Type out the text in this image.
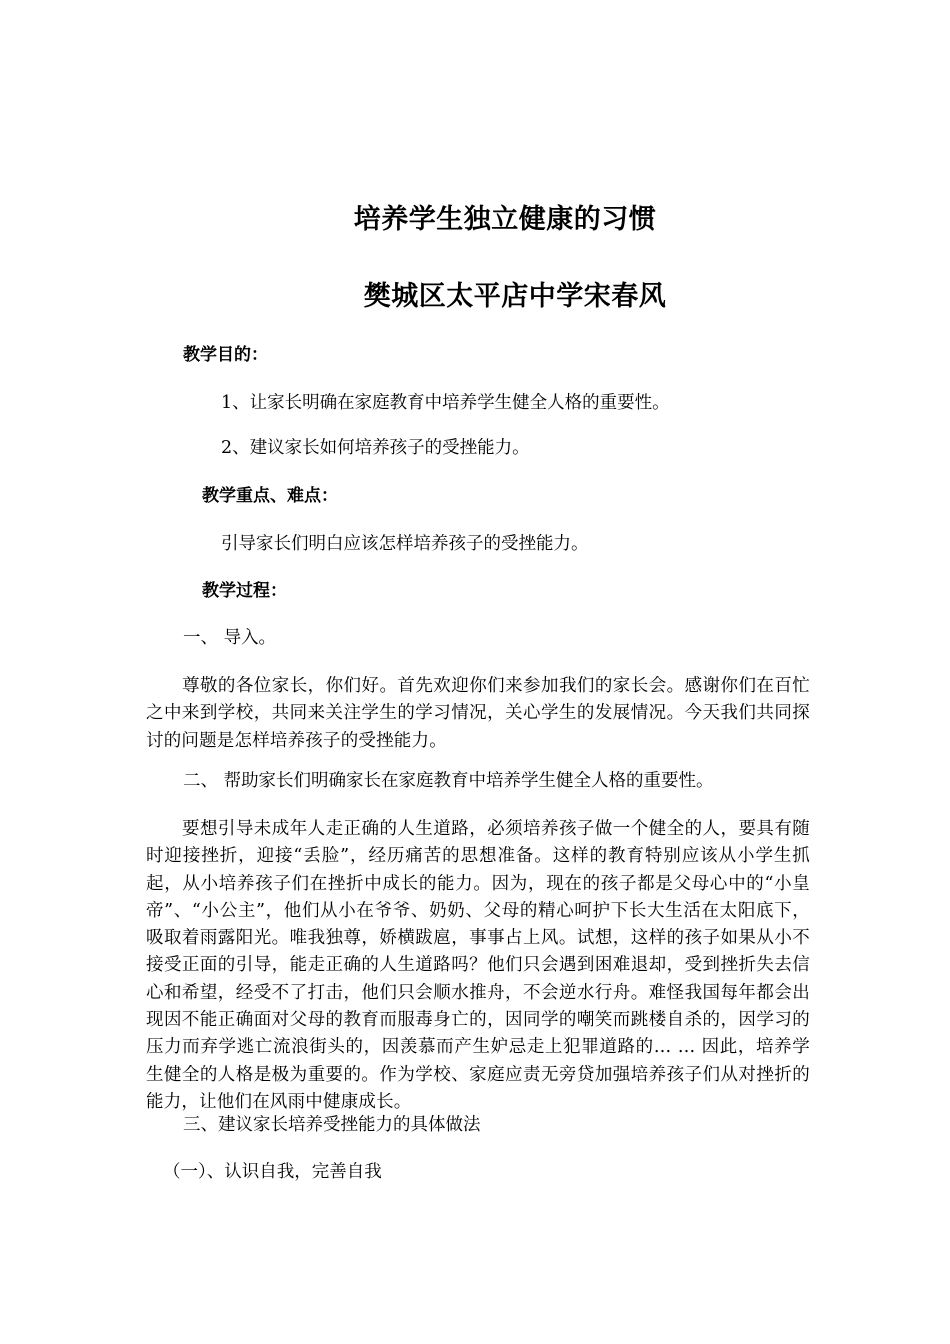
培养学生独立健康的习惯
樊城区太平店中学宋春风
教学目的：
1、让家长明确在家庭教育中培养学生健全人格的重要性。
2、建议家长如何培养孩子的受挫能力。
教学重点、难点：
引导家长们明白应该怎样培养孩子的受挫能力。
教学过程：
一、 导入。
尊敬的各位家长，你们好。首先欢迎你们来参加我们的家长会。感谢你们在百忙之中来到学校，共同来关注学生的学习情况，关心学生的发展情况。今天我们共同探讨的问题是怎样培养孩子的受挫能力。
二、 帮助家长们明确家长在家庭教育中培养学生健全人格的重要性。
要想引导未成年人走正确的人生道路，必须培养孩子做一个健全的人，要具有随时迎接挫折，迎接“丢脸”，经历痛苦的思想准备。这样的教育特别应该从小学生抓起，从小培养孩子们在挫折中成长的能力。因为，现在的孩子都是父母心中的“小皇帝”、“小公主”，他们从小在爷爷、奶奶、父母的精心呵护下长大生活在太阳底下，吸取着雨露阳光。唯我独尊，娇横跋扈，事事占上风。试想，这样的孩子如果从小不接受正面的引导，能走正确的人生道路吗？他们只会遇到困难退却，受到挫折失去信心和希望，经受不了打击，他们只会顺水推舟，不会逆水行舟。难怪我国每年都会出现因不能正确面对父母的教育而服毒身亡的，因同学的嘲笑而跳楼自杀的，因学习的压力而弃学逃亡流浪街头的，因羡慕而产生妒忌走上犯罪道路的… … 因此，培养学生健全的人格是极为重要的。作为学校、家庭应责无旁贷加强培养孩子们从对挫折的能力，让他们在风雨中健康成长。
三、建议家长培养受挫能力的具体做法
（一）、认识自我，完善自我
